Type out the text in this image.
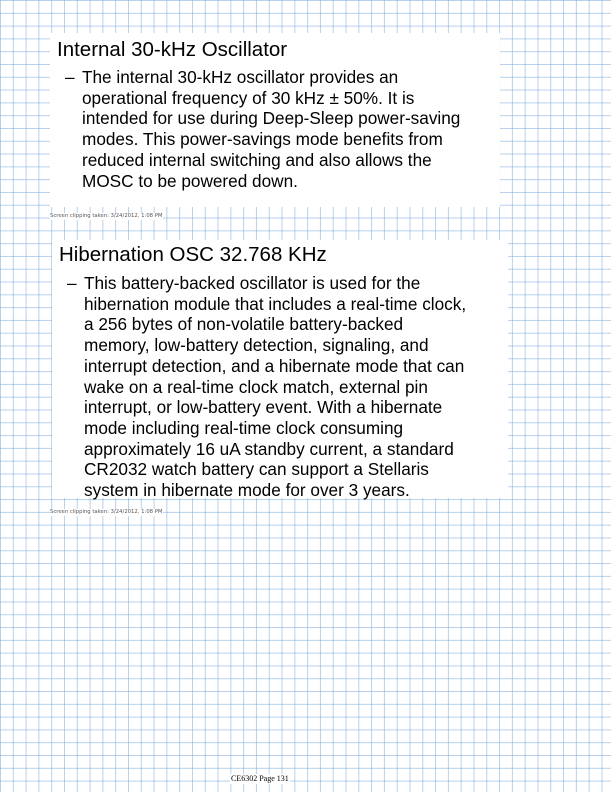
Internal 30-kHz Oscillator
– The internal 30-kHz oscillator provides an
operational frequency of 30 kHz ± 50%. It is
intended for use during Deep-Sleep power-saving
modes. This power-savings mode benefits from
reduced internal switching and also allows the
MOSC to be powered down.

Screen clipping taken: 3/24/2012, 1:08 PM
Hibernation OSC 32.768 KHz
– This battery-backed oscillator is used for the
hibernation module that includes a real-time clock,
a 256 bytes of non-volatile battery-backed
memory, low-battery detection, signaling, and
interrupt detection, and a hibernate mode that can
wake on a real-time clock match, external pin
interrupt, or low-battery event. With a hibernate
mode including real-time clock consuming
approximately 16 uA standby current, a standard
CR2032 watch battery can support a Stellaris
system in hibernate mode for over 3 years.

Screen clipping taken: 3/24/2012, 1:08 PM
CE6302 Page 131
